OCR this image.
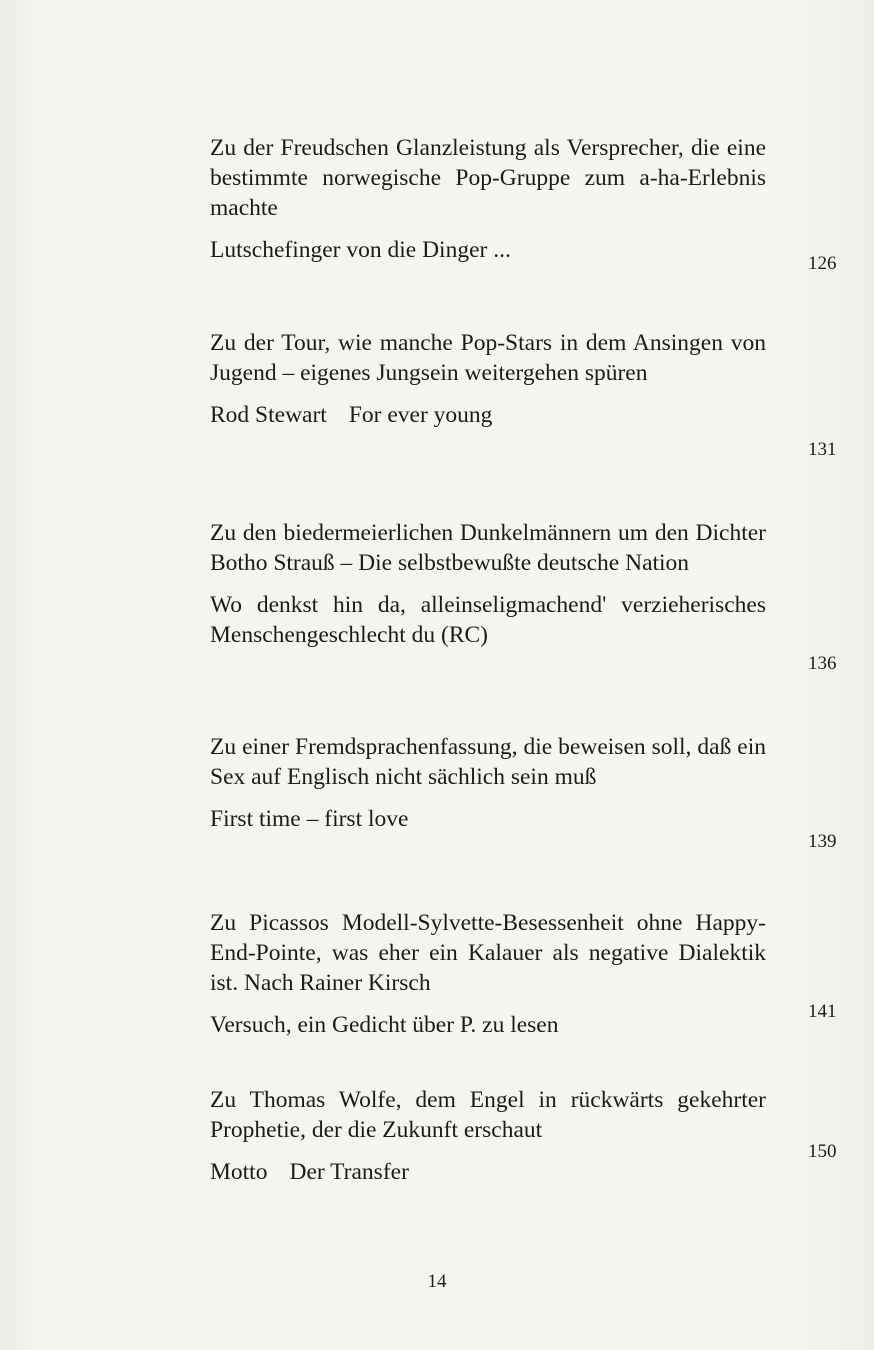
Zu der Freudschen Glanzleistung als Versprecher, die eine bestimmte norwegische Pop-Gruppe zum a-ha-Erlebnis machte

Lutschefinger von die Dinger ...

126

Zu der Tour, wie manche Pop-Stars in dem Ansingen von Jugend – eigenes Jungsein weitergehen spüren

Rod Stewart For ever young

131

Zu den biedermeierlichen Dunkelmännern um den Dichter Botho Strauß – Die selbstbewußte deutsche Nation

Wo denkst hin da, alleinseligmachend' verzieherisches Menschengeschlecht du (RC)

136

Zu einer Fremdsprachenfassung, die beweisen soll, daß ein Sex auf Englisch nicht sächlich sein muß

First time – first love

139

Zu Picassos Modell-Sylvette-Besessenheit ohne Happy-End-Pointe, was eher ein Kalauer als negative Dialektik ist. Nach Rainer Kirsch

Versuch, ein Gedicht über P. zu lesen

141

Zu Thomas Wolfe, dem Engel in rückwärts gekehrter Prophetie, der die Zukunft erschaut

Motto Der Transfer

150
14
